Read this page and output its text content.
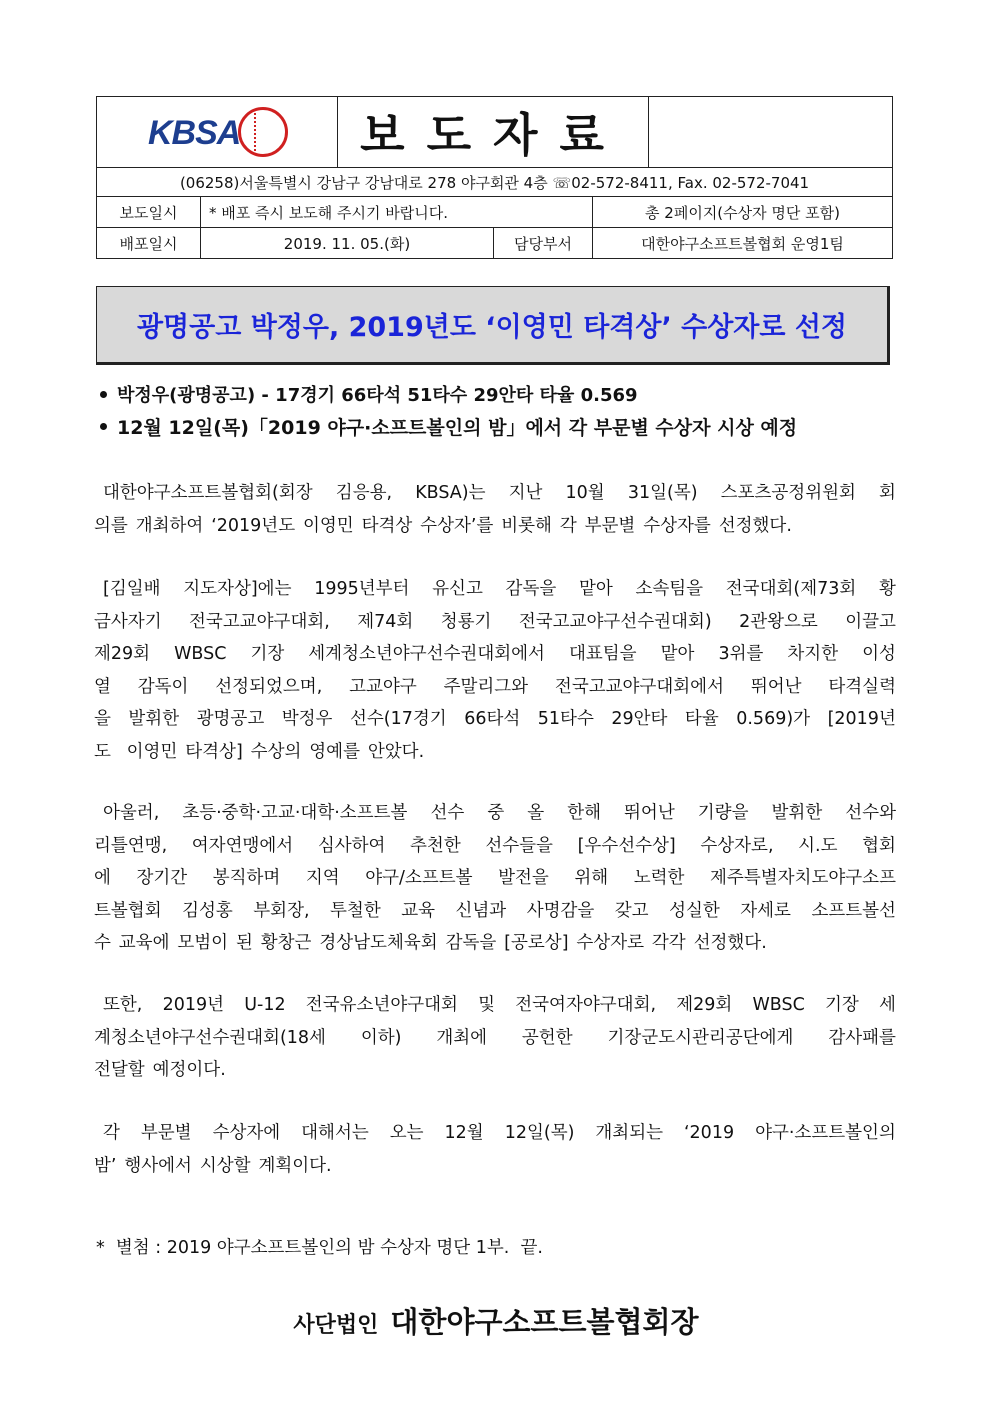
KBSA		보도자료			
(06258)서울특별시 강남구 강남대로 278 야구회관 4층 ☏02-572-8411, Fax. 02-572-7041					
보도일시	* 배포 즉시 보도해 주시기 바랍니다.			총 2페이지(수상자 명단 포함)	
배포일시	2019. 11. 05.(화)		담당부서	대한야구소프트볼협회 운영1팀	
광명공고 박정우, 2019년도 ‘이영민 타격상’ 수상자로 선정
박정우(광명공고) - 17경기 66타석 51타수 29안타 타율 0.569
12월 12일(목)「2019 야구·소프트볼인의 밤」에서 각 부문별 수상자 시상 예정
대한야구소프트볼협회(회장 김응용, KBSA)는 지난 10월 31일(목) 스포츠공정위원회 회
의를 개최하여 ‘2019년도 이영민 타격상 수상자’를 비롯해 각 부문별 수상자를 선정했다.
[김일배 지도자상]에는 1995년부터 유신고 감독을 맡아 소속팀을 전국대회(제73회 황
금사자기 전국고교야구대회, 제74회 청룡기 전국고교야구선수권대회) 2관왕으로 이끌고
제29회 WBSC 기장 세계청소년야구선수권대회에서 대표팀을 맡아 3위를 차지한 이성
열 감독이 선정되었으며, 고교야구 주말리그와 전국고교야구대회에서 뛰어난 타격실력
을 발휘한 광명공고 박정우 선수(17경기 66타석 51타수 29안타 타율 0.569)가 [2019년
도 이영민 타격상] 수상의 영예를 안았다.
아울러, 초등·중학·고교·대학·소프트볼 선수 중 올 한해 뛰어난 기량을 발휘한 선수와
리틀연맹, 여자연맹에서 심사하여 추천한 선수들을 [우수선수상] 수상자로, 시.도 협회
에 장기간 봉직하며 지역 야구/소프트볼 발전을 위해 노력한 제주특별자치도야구소프
트볼협회 김성홍 부회장, 투철한 교육 신념과 사명감을 갖고 성실한 자세로 소프트볼선
수 교육에 모범이 된 황창근 경상남도체육회 감독을 [공로상] 수상자로 각각 선정했다.
또한, 2019년 U-12 전국유소년야구대회 및 전국여자야구대회, 제29회 WBSC 기장 세
계청소년야구선수권대회(18세 이하) 개최에 공헌한 기장군도시관리공단에게 감사패를
전달할 예정이다.
각 부문별 수상자에 대해서는 오는 12월 12일(목) 개최되는 ‘2019 야구·소프트볼인의
밤’ 행사에서 시상할 계획이다.
*  별첨 : 2019 야구소프트볼인의 밤 수상자 명단 1부.  끝.
사단법인 대한야구소프트볼협회장
